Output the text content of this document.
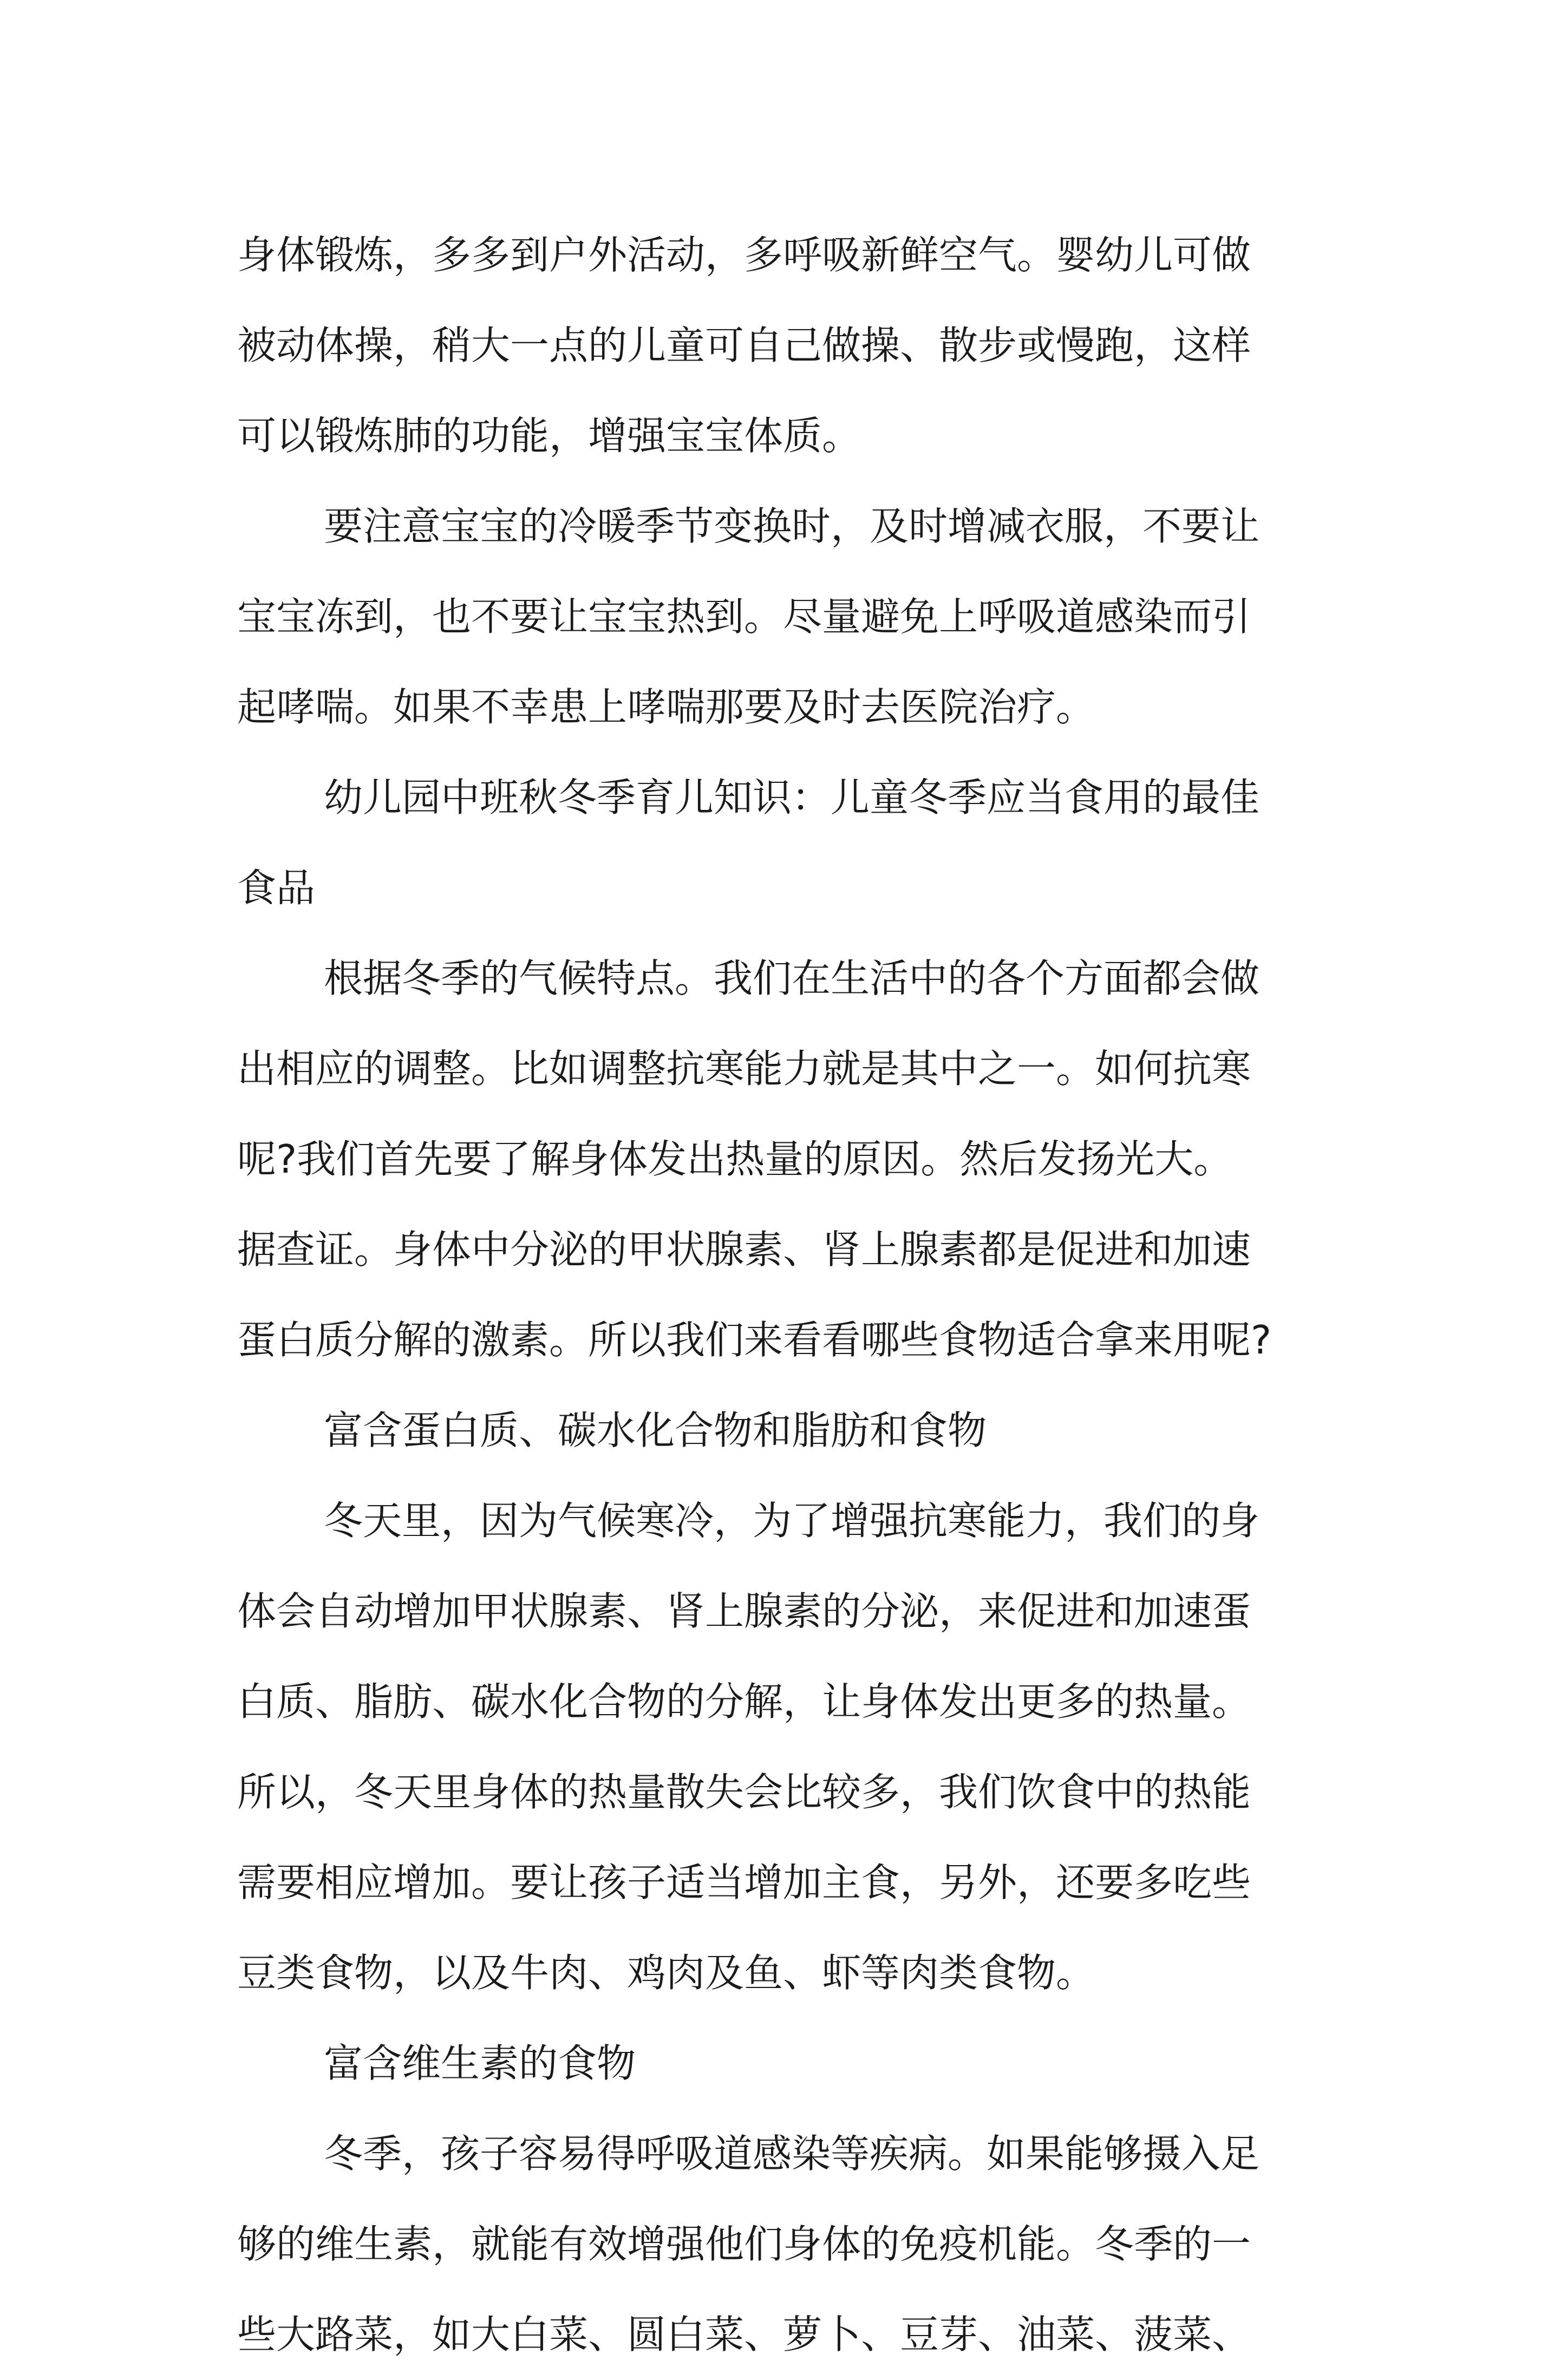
身体锻炼，多多到户外活动，多呼吸新鲜空气。婴幼儿可做
被动体操，稍大一点的儿童可自己做操、散步或慢跑，这样
可以锻炼肺的功能，增强宝宝体质。
要注意宝宝的冷暖季节变换时，及时增减衣服，不要让
宝宝冻到，也不要让宝宝热到。尽量避免上呼吸道感染而引
起哮喘。如果不幸患上哮喘那要及时去医院治疗。
幼儿园中班秋冬季育儿知识：儿童冬季应当食用的最佳
食品
根据冬季的气候特点。我们在生活中的各个方面都会做
出相应的调整。比如调整抗寒能力就是其中之一。如何抗寒
呢?我们首先要了解身体发出热量的原因。然后发扬光大。
据查证。身体中分泌的甲状腺素、肾上腺素都是促进和加速
蛋白质分解的激素。所以我们来看看哪些食物适合拿来用呢?
富含蛋白质、碳水化合物和脂肪和食物
冬天里，因为气候寒冷，为了增强抗寒能力，我们的身
体会自动增加甲状腺素、肾上腺素的分泌，来促进和加速蛋
白质、脂肪、碳水化合物的分解，让身体发出更多的热量。
所以，冬天里身体的热量散失会比较多，我们饮食中的热能
需要相应增加。要让孩子适当增加主食，另外，还要多吃些
豆类食物，以及牛肉、鸡肉及鱼、虾等肉类食物。
富含维生素的食物
冬季，孩子容易得呼吸道感染等疾病。如果能够摄入足
够的维生素，就能有效增强他们身体的免疫机能。冬季的一
些大路菜，如大白菜、圆白菜、萝卜、豆芽、油菜、菠菜、
